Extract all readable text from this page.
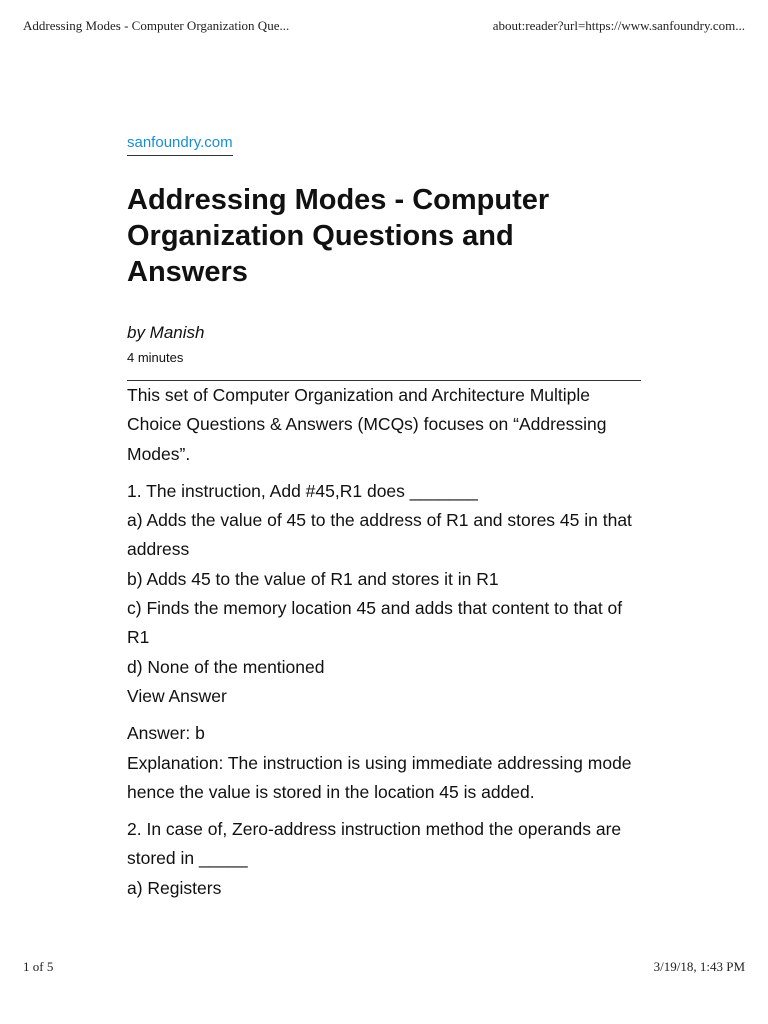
Addressing Modes - Computer Organization Que...	about:reader?url=https://www.sanfoundry.com...
sanfoundry.com
Addressing Modes - Computer Organization Questions and Answers
by Manish
4 minutes

This set of Computer Organization and Architecture Multiple Choice Questions & Answers (MCQs) focuses on “Addressing Modes”.

1. The instruction, Add #45,R1 does _______
a) Adds the value of 45 to the address of R1 and stores 45 in that address
b) Adds 45 to the value of R1 and stores it in R1
c) Finds the memory location 45 and adds that content to that of R1
d) None of the mentioned
View Answer
Answer: b
Explanation: The instruction is using immediate addressing mode hence the value is stored in the location 45 is added.
2. In case of, Zero-address instruction method the operands are stored in _____
a) Registers
1 of 5	3/19/18, 1:43 PM
